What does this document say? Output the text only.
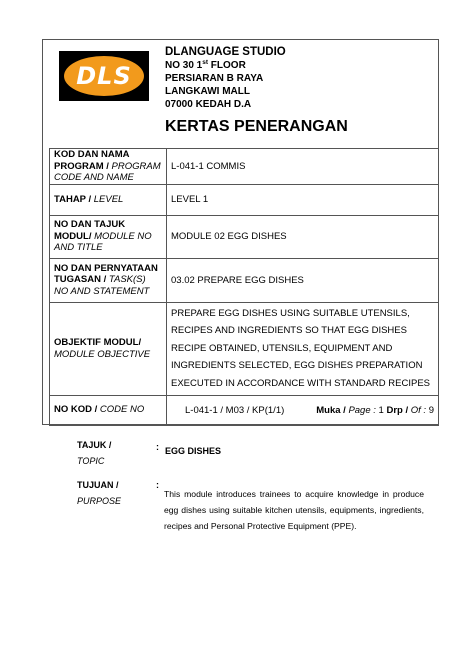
DLS
DLANGUAGE STUDIO
NO 30 1st FLOOR
PERSIARAN B RAYA
LANGKAWI MALL
07000 KEDAH D.A
KERTAS PENERANGAN
KOD DAN NAMA PROGRAM / PROGRAM CODE AND NAME	L-041-1 COMMIS
TAHAP / LEVEL	LEVEL 1
NO DAN TAJUK MODUL/ MODULE NO AND TITLE	MODULE 02 EGG DISHES
NO DAN PERNYATAAN TUGASAN / TASK(S) NO AND STATEMENT	03.02 PREPARE EGG DISHES
OBJEKTIF MODUL/ MODULE OBJECTIVE	PREPARE EGG DISHES USING SUITABLE UTENSILS, RECIPES AND INGREDIENTS SO THAT EGG DISHES RECIPE OBTAINED, UTENSILS, EQUIPMENT AND INGREDIENTS SELECTED, EGG DISHES PREPARATION EXECUTED IN ACCORDANCE WITH STANDARD RECIPES
NO KOD / CODE NO	L-041-1 / M03 / KP(1/1) Muka / Page : 1 Drp / Of : 9
TAJUK /
TOPIC
: EGG DISHES
TUJUAN /
PURPOSE
:
This module introduces trainees to acquire knowledge in produce egg dishes using suitable kitchen utensils, equipments, ingredients, recipes and Personal Protective Equipment (PPE).
